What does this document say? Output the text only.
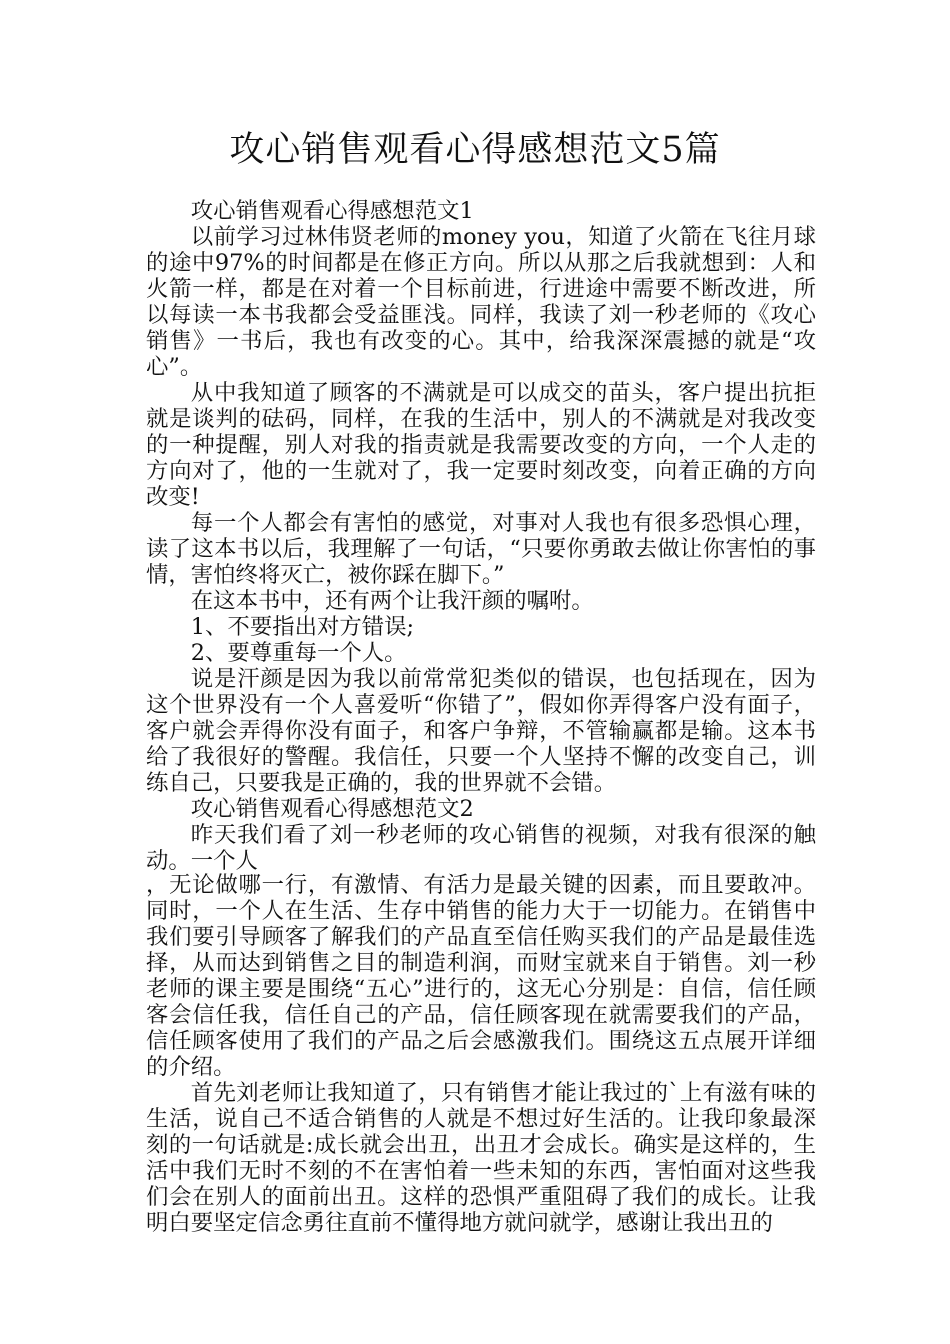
攻心销售观看心得感想范文5篇

攻心销售观看心得感想范文1

以前学习过林伟贤老师的money you，知道了火箭在飞往月球的途中97%的时间都是在修正方向。所以从那之后我就想到：人和火箭一样，都是在对着一个目标前进，行进途中需要不断改进，所以每读一本书我都会受益匪浅。同样，我读了刘一秒老师的《攻心销售》一书后，我也有改变的心。其中，给我深深震撼的就是“攻心”。

从中我知道了顾客的不满就是可以成交的苗头，客户提出抗拒就是谈判的砝码，同样，在我的生活中，别人的不满就是对我改变的一种提醒，别人对我的指责就是我需要改变的方向，一个人走的方向对了，他的一生就对了，我一定要时刻改变，向着正确的方向改变!

每一个人都会有害怕的感觉，对事对人我也有很多恐惧心理，读了这本书以后，我理解了一句话，“只要你勇敢去做让你害怕的事情，害怕终将灭亡，被你踩在脚下。”

在这本书中，还有两个让我汗颜的嘱咐。

1、不要指出对方错误;

2、要尊重每一个人。

说是汗颜是因为我以前常常犯类似的错误，也包括现在，因为这个世界没有一个人喜爱听“你错了”，假如你弄得客户没有面子，客户就会弄得你没有面子，和客户争辩，不管输赢都是输。这本书给了我很好的警醒。我信任，只要一个人坚持不懈的改变自己，训练自己，只要我是正确的，我的世界就不会错。

攻心销售观看心得感想范文2

昨天我们看了刘一秒老师的攻心销售的视频，对我有很深的触动。一个人

，无论做哪一行，有激情、有活力是最关键的因素，而且要敢冲。同时，一个人在生活、生存中销售的能力大于一切能力。在销售中我们要引导顾客了解我们的产品直至信任购买我们的产品是最佳选择，从而达到销售之目的制造利润，而财宝就来自于销售。刘一秒老师的课主要是围绕“五心”进行的，这无心分别是：自信，信任顾客会信任我，信任自己的产品，信任顾客现在就需要我们的产品，信任顾客使用了我们的产品之后会感激我们。围绕这五点展开详细的介绍。

首先刘老师让我知道了，只有销售才能让我过的`上有滋有味的生活，说自己不适合销售的人就是不想过好生活的。让我印象最深刻的一句话就是:成长就会出丑，出丑才会成长。确实是这样的，生活中我们无时不刻的不在害怕着一些未知的东西，害怕面对这些我们会在别人的面前出丑。这样的恐惧严重阻碍了我们的成长。让我明白要坚定信念勇往直前不懂得地方就问就学，感谢让我出丑的
